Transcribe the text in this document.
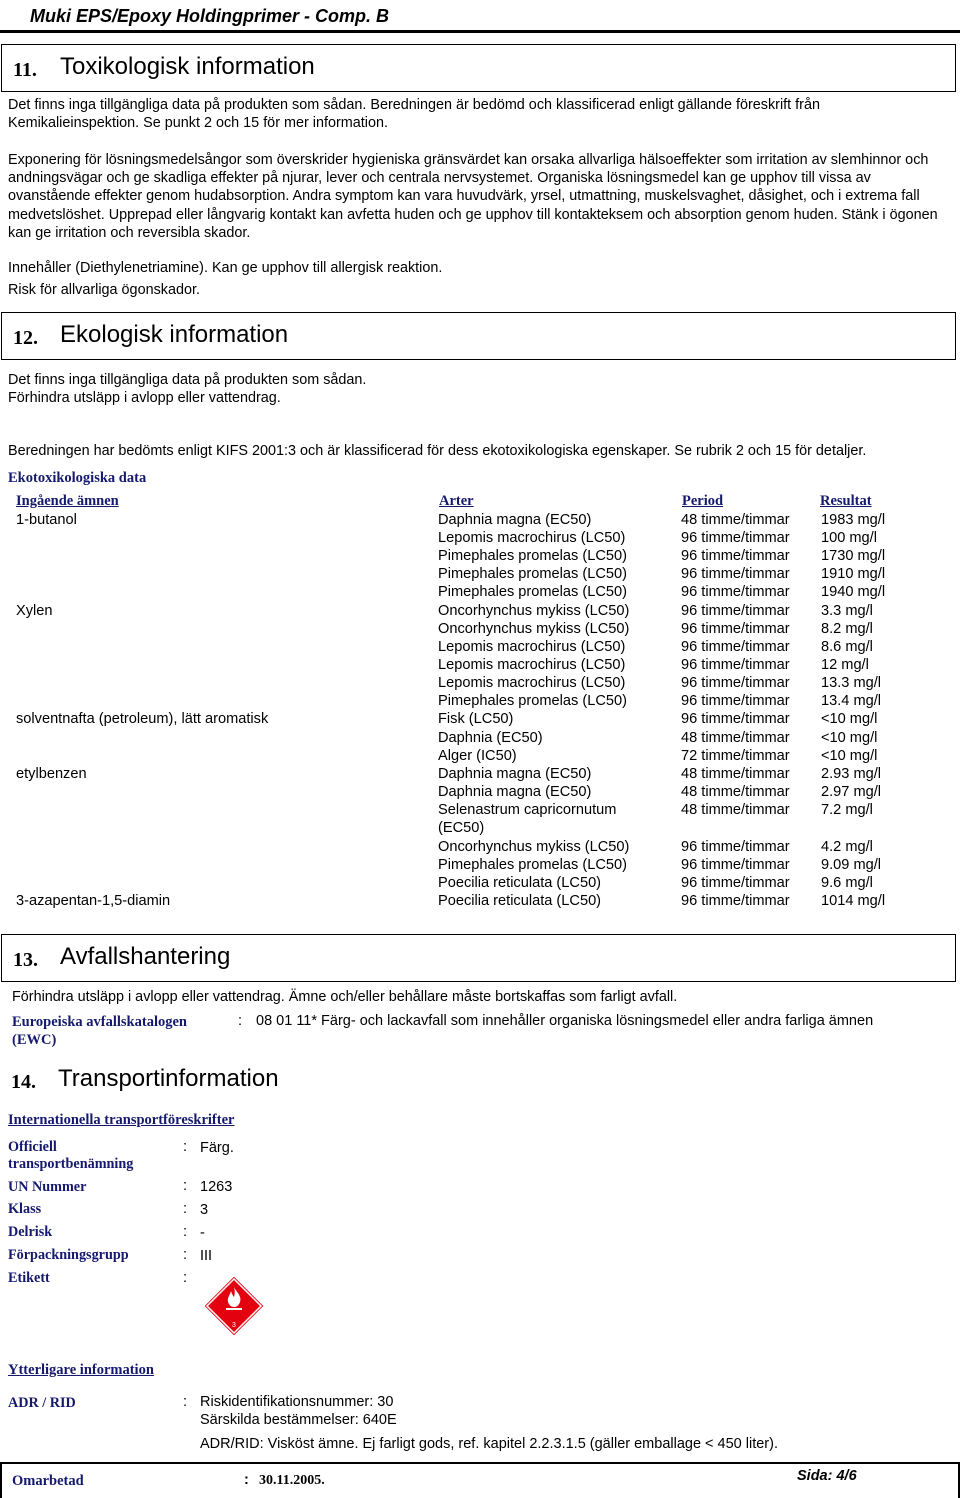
Muki EPS/Epoxy Holdingprimer - Comp. B
11. Toxikologisk information
Det finns inga tillgängliga data på produkten som sådan. Beredningen är bedömd och klassificerad enligt gällande föreskrift från Kemikalieinspektion. Se punkt 2 och 15 för mer information.
Exponering för lösningsmedelsångor som överskrider hygieniska gränsvärdet kan orsaka allvarliga hälsoeffekter som irritation av slemhinnor och andningsvägar och ge skadliga effekter på njurar, lever och centrala nervsystemet. Organiska lösningsmedel kan ge upphov till vissa av ovanstående effekter genom hudabsorption. Andra symptom kan vara huvudvärk, yrsel, utmattning, muskelsvaghet, dåsighet, och i extrema fall medvetslöshet. Upprepad eller långvarig kontakt kan avfetta huden och ge upphov till kontakteksem och absorption genom huden. Stänk i ögonen kan ge irritation och reversibla skador.
Innehåller (Diethylenetriamine). Kan ge upphov till allergisk reaktion.
Risk för allvarliga ögonskador.
12. Ekologisk information
Det finns inga tillgängliga data på produkten som sådan.
Förhindra utsläpp i avlopp eller vattendrag.
Beredningen har bedömts enligt KIFS 2001:3 och är klassificerad för dess ekotoxikologiska egenskaper. Se rubrik 2 och 15 för detaljer.
Ekotoxikologiska data
Ingående ämnen	Arter	Period	Resultat
1-butanol	Daphnia magna (EC50)	48 timme/timmar 1983 mg/l
Lepomis macrochirus (LC50)	96 timme/timmar 100 mg/l
Pimephales promelas (LC50)	96 timme/timmar 1730 mg/l
Pimephales promelas (LC50)	96 timme/timmar 1910 mg/l
Pimephales promelas (LC50)	96 timme/timmar 1940 mg/l
Xylen	Oncorhynchus mykiss (LC50)	96 timme/timmar 3.3 mg/l
Oncorhynchus mykiss (LC50)	96 timme/timmar 8.2 mg/l
Lepomis macrochirus (LC50)	96 timme/timmar 8.6 mg/l
Lepomis macrochirus (LC50)	96 timme/timmar 12 mg/l
Lepomis macrochirus (LC50)	96 timme/timmar 13.3 mg/l
Pimephales promelas (LC50)	96 timme/timmar 13.4 mg/l
solventnafta (petroleum), lätt aromatisk	Fisk (LC50)	96 timme/timmar <10 mg/l
Daphnia (EC50)	48 timme/timmar <10 mg/l
Alger (IC50)	72 timme/timmar <10 mg/l
etylbenzen	Daphnia magna (EC50)	48 timme/timmar 2.93 mg/l
Daphnia magna (EC50)	48 timme/timmar 2.97 mg/l
Selenastrum capricornutum (EC50)
48 timme/timmar 7.2 mg/l
Oncorhynchus mykiss (LC50)	96 timme/timmar 4.2 mg/l
Pimephales promelas (LC50)	96 timme/timmar 9.09 mg/l
Poecilia reticulata (LC50)	96 timme/timmar 9.6 mg/l
3-azapentan-1,5-diamin	Poecilia reticulata (LC50)	96 timme/timmar 1014 mg/l
13. Avfallshantering
Förhindra utsläpp i avlopp eller vattendrag. Ämne och/eller behållare måste bortskaffas som farligt avfall.
Europeiska avfallskatalogen (EWC)
: 08 01 11* Färg- och lackavfall som innehåller organiska lösningsmedel eller andra farliga ämnen
14. Transportinformation
Internationella transportföreskrifter
Officiell transportbenämning
: Färg.
UN Nummer	: 1263
Klass	: 3
Delrisk	: -
Förpackningsgrupp	: III
Etikett	:
3
Ytterligare information
ADR / RID	: Riskidentifikationsnummer: 30
Särskilda bestämmelser: 640E
ADR/RID: Visköst ämne. Ej farligt gods, ref. kapitel 2.2.3.1.5 (gäller emballage < 450 liter).
Omarbetad	: 30.11.2005.	Sida: 4/6
